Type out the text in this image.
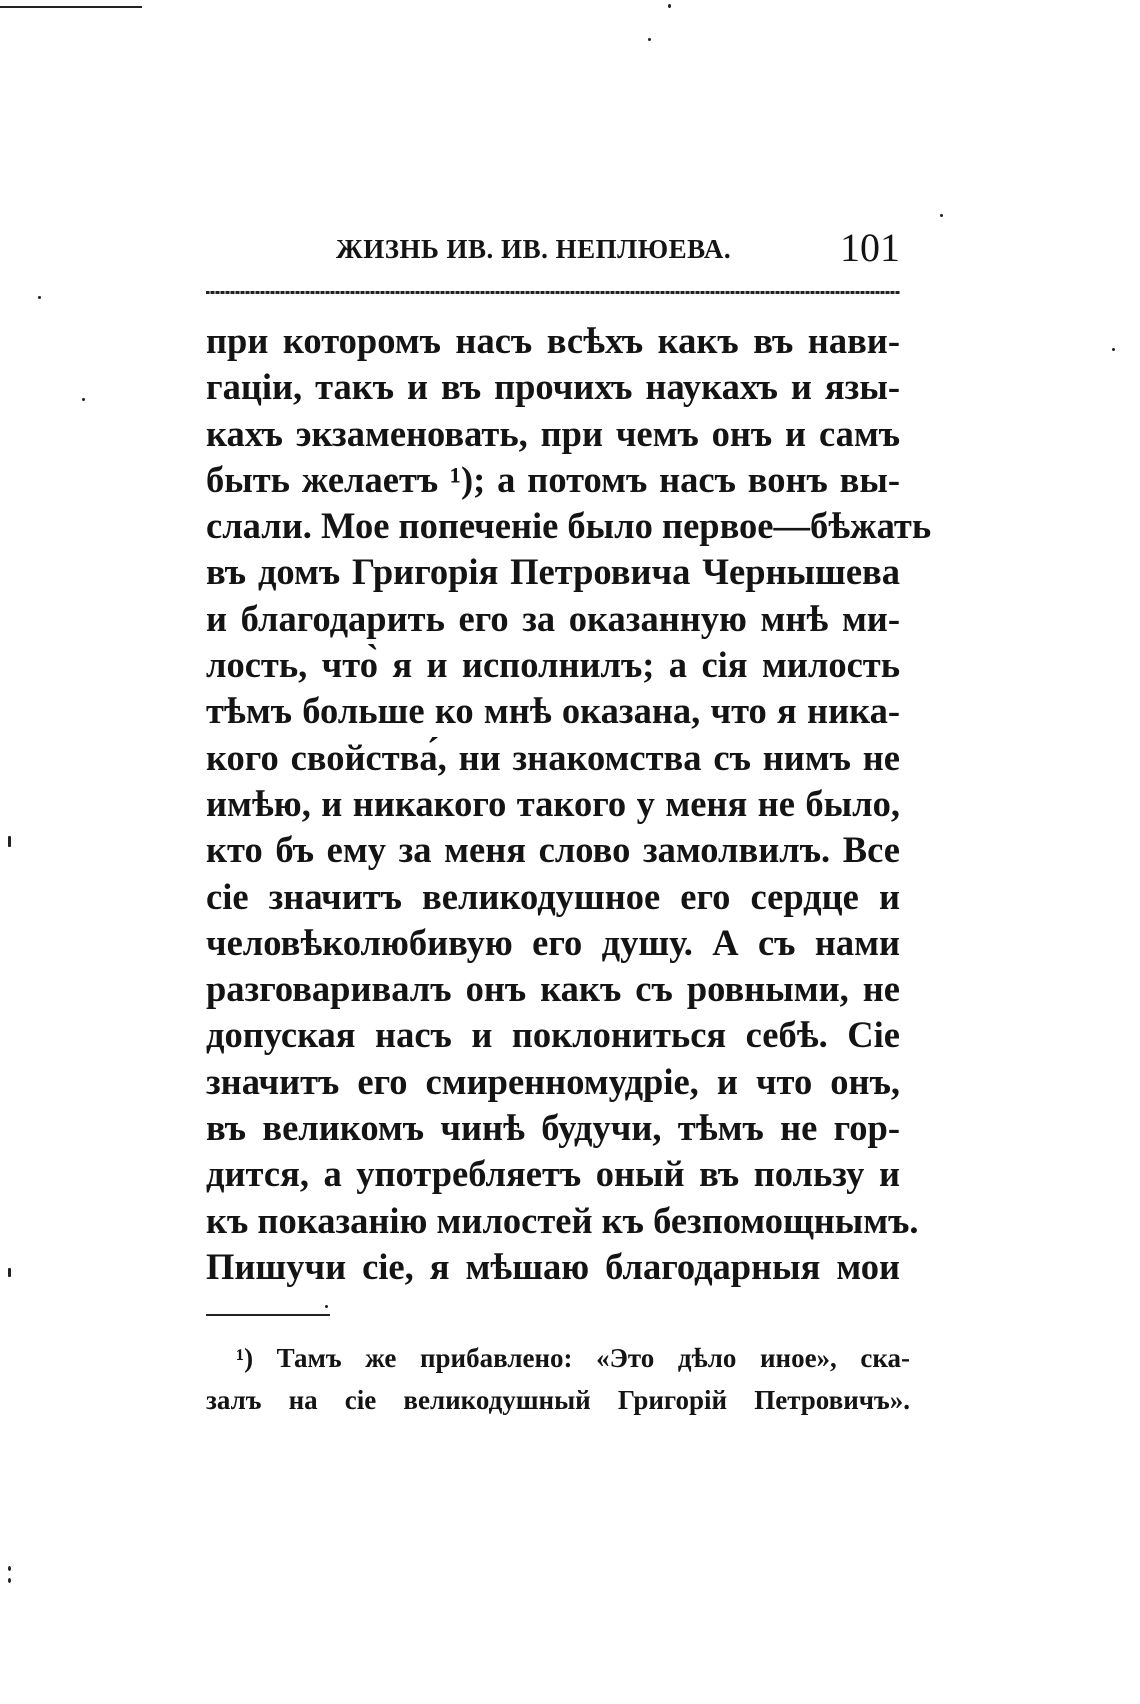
ЖИЗНЬ ИВ. ИВ. НЕПЛЮЕВА.	101
при которомъ насъ всѣхъ какъ въ нави-
гаціи, такъ и въ прочихъ наукахъ и язы-
кахъ экзаменовать, при чемъ онъ и самъ
быть желаетъ ¹); а потомъ насъ вонъ вы-
слали. Мое попеченіе было первое—бѣжать
въ домъ Григорія Петровича Чернышева
и благодарить его за оказанную мнѣ ми-
лость, что̀ я и исполнилъ; а сія милость
тѣмъ больше ко мнѣ оказана, что я ника-
кого свойства́, ни знакомства съ нимъ не
имѣю, и никакого такого у меня не было,
кто бъ ему за меня слово замолвилъ. Все
сіе значитъ великодушное его сердце и
человѣколюбивую его душу. А съ нами
разговаривалъ онъ какъ съ ровными, не
допуская насъ и поклониться себѣ. Сіе
значитъ его смиренномудріе, и что онъ,
въ великомъ чинѣ будучи, тѣмъ не гор-
дится, а употребляетъ оный въ пользу и
къ показанію милостей къ безпомощнымъ.
Пишучи сіе, я мѣшаю благодарныя мои
¹) Тамъ же прибавлено: «Это дѣло иное», ска-
залъ на сіе великодушный Григорій Петровичъ».
